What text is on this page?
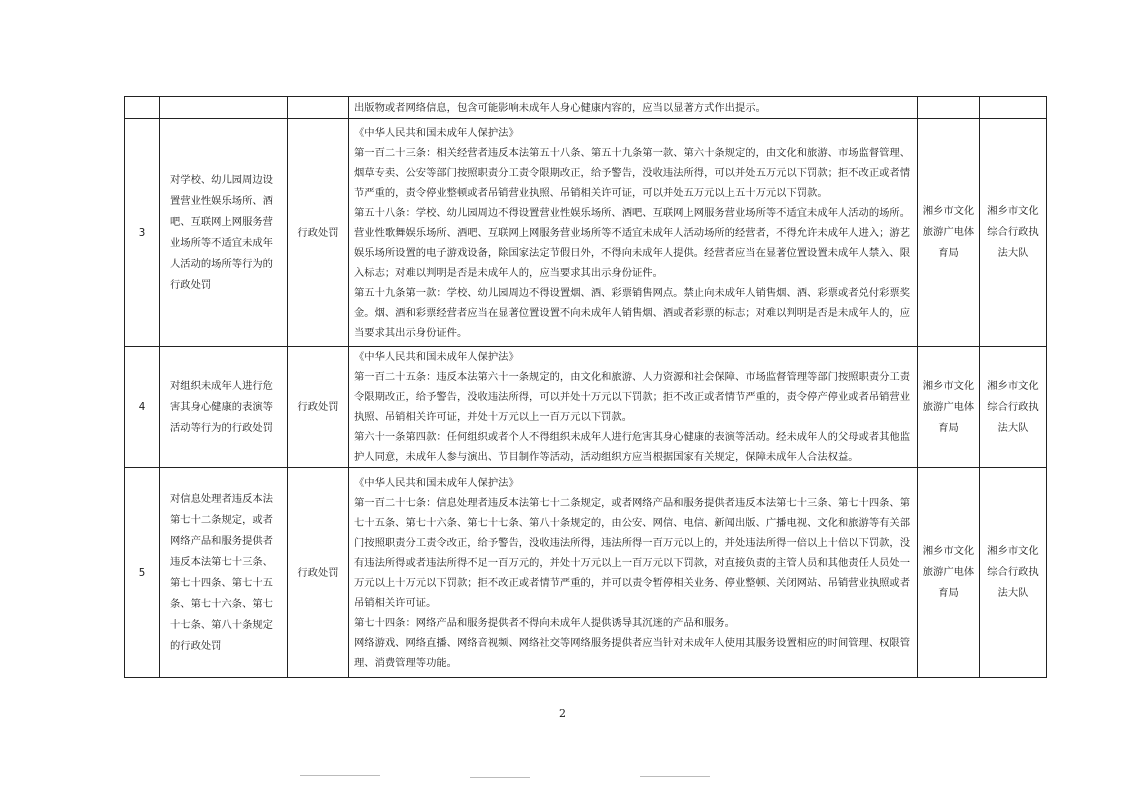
			出版物或者网络信息，包含可能影响未成年人身心健康内容的，应当以显著方式作出提示。		
3	对学校、幼儿园周边设置营业性娱乐场所、酒吧、互联网上网服务营业场所等不适宜未成年人活动的场所等行为的行政处罚	行政处罚	《中华人民共和国未成年人保护法》
第一百二十三条：相关经营者违反本法第五十八条、第五十九条第一款、第六十条规定的，由文化和旅游、市场监督管理、烟草专卖、公安等部门按照职责分工责令限期改正，给予警告，没收违法所得，可以并处五万元以下罚款；拒不改正或者情节严重的，责令停业整顿或者吊销营业执照、吊销相关许可证，可以并处五万元以上五十万元以下罚款。
第五十八条：学校、幼儿园周边不得设置营业性娱乐场所、酒吧、互联网上网服务营业场所等不适宜未成年人活动的场所。营业性歌舞娱乐场所、酒吧、互联网上网服务营业场所等不适宜未成年人活动场所的经营者，不得允许未成年人进入；游艺娱乐场所设置的电子游戏设备，除国家法定节假日外，不得向未成年人提供。经营者应当在显著位置设置未成年人禁入、限入标志；对难以判明是否是未成年人的，应当要求其出示身份证件。
第五十九条第一款：学校、幼儿园周边不得设置烟、酒、彩票销售网点。禁止向未成年人销售烟、酒、彩票或者兑付彩票奖金。烟、酒和彩票经营者应当在显著位置设置不向未成年人销售烟、酒或者彩票的标志；对难以判明是否是未成年人的，应当要求其出示身份证件。	湘乡市文化旅游广电体育局	湘乡市文化综合行政执法大队
4	对组织未成年人进行危害其身心健康的表演等活动等行为的行政处罚	行政处罚	《中华人民共和国未成年人保护法》
第一百二十五条：违反本法第六十一条规定的，由文化和旅游、人力资源和社会保障、市场监督管理等部门按照职责分工责令限期改正，给予警告，没收违法所得，可以并处十万元以下罚款；拒不改正或者情节严重的，责令停产停业或者吊销营业执照、吊销相关许可证，并处十万元以上一百万元以下罚款。
第六十一条第四款：任何组织或者个人不得组织未成年人进行危害其身心健康的表演等活动。经未成年人的父母或者其他监护人同意，未成年人参与演出、节目制作等活动，活动组织方应当根据国家有关规定，保障未成年人合法权益。	湘乡市文化旅游广电体育局	湘乡市文化综合行政执法大队
5	对信息处理者违反本法第七十二条规定，或者网络产品和服务提供者违反本法第七十三条、第七十四条、第七十五条、第七十六条、第七十七条、第八十条规定的行政处罚	行政处罚	《中华人民共和国未成年人保护法》
第一百二十七条：信息处理者违反本法第七十二条规定，或者网络产品和服务提供者违反本法第七十三条、第七十四条、第七十五条、第七十六条、第七十七条、第八十条规定的，由公安、网信、电信、新闻出版、广播电视、文化和旅游等有关部门按照职责分工责令改正，给予警告，没收违法所得，违法所得一百万元以上的，并处违法所得一倍以上十倍以下罚款，没有违法所得或者违法所得不足一百万元的，并处十万元以上一百万元以下罚款，对直接负责的主管人员和其他责任人员处一万元以上十万元以下罚款；拒不改正或者情节严重的，并可以责令暂停相关业务、停业整顿、关闭网站、吊销营业执照或者吊销相关许可证。
第七十四条：网络产品和服务提供者不得向未成年人提供诱导其沉迷的产品和服务。
网络游戏、网络直播、网络音视频、网络社交等网络服务提供者应当针对未成年人使用其服务设置相应的时间管理、权限管理、消费管理等功能。	湘乡市文化旅游广电体育局	湘乡市文化综合行政执法大队
2
